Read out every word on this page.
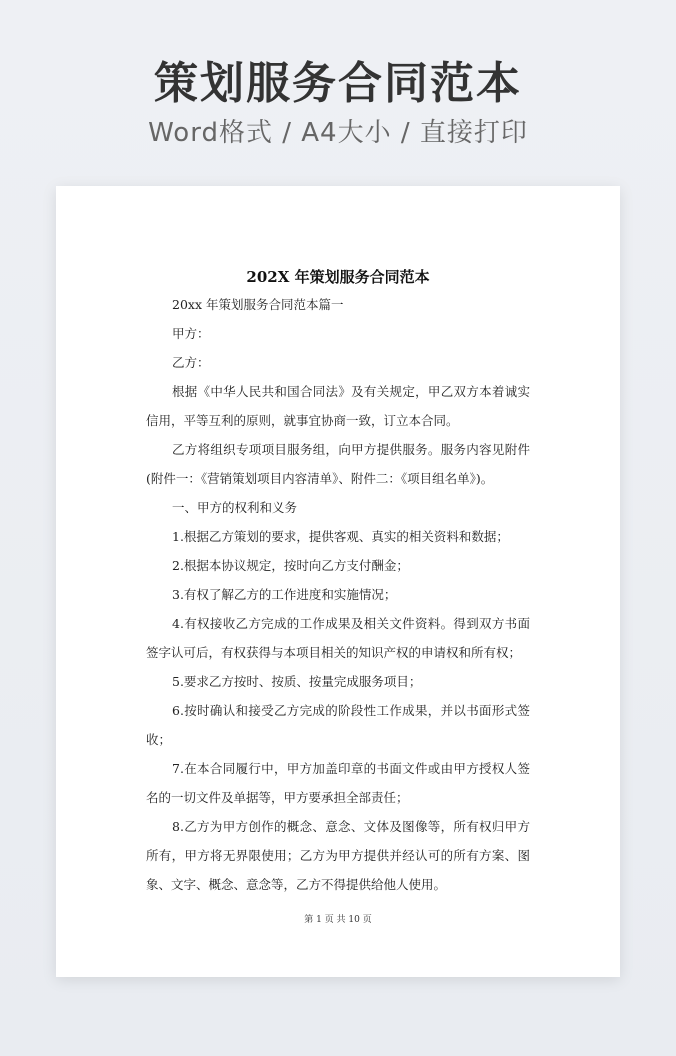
策划服务合同范本
Word格式 / A4大小 / 直接打印
202X 年策划服务合同范本

20xx 年策划服务合同范本篇一

甲方：

乙方：

根据《中华人民共和国合同法》及有关规定，甲乙双方本着诚实信用，平等互利的原则，就事宜协商一致，订立本合同。

乙方将组织专项项目服务组，向甲方提供服务。服务内容见附件(附件一：《营销策划项目内容清单》、附件二：《项目组名单》)。

一、甲方的权利和义务

1.根据乙方策划的要求，提供客观、真实的相关资料和数据；

2.根据本协议规定，按时向乙方支付酬金；

3.有权了解乙方的工作进度和实施情况；

4.有权接收乙方完成的工作成果及相关文件资料。得到双方书面签字认可后，有权获得与本项目相关的知识产权的申请权和所有权；

5.要求乙方按时、按质、按量完成服务项目；

6.按时确认和接受乙方完成的阶段性工作成果，并以书面形式签收；

7.在本合同履行中，甲方加盖印章的书面文件或由甲方授权人签名的一切文件及单据等，甲方要承担全部责任；

8.乙方为甲方创作的概念、意念、文体及图像等，所有权归甲方所有，甲方将无界限使用；乙方为甲方提供并经认可的所有方案、图象、文字、概念、意念等，乙方不得提供给他人使用。

第 1 页 共 10 页
